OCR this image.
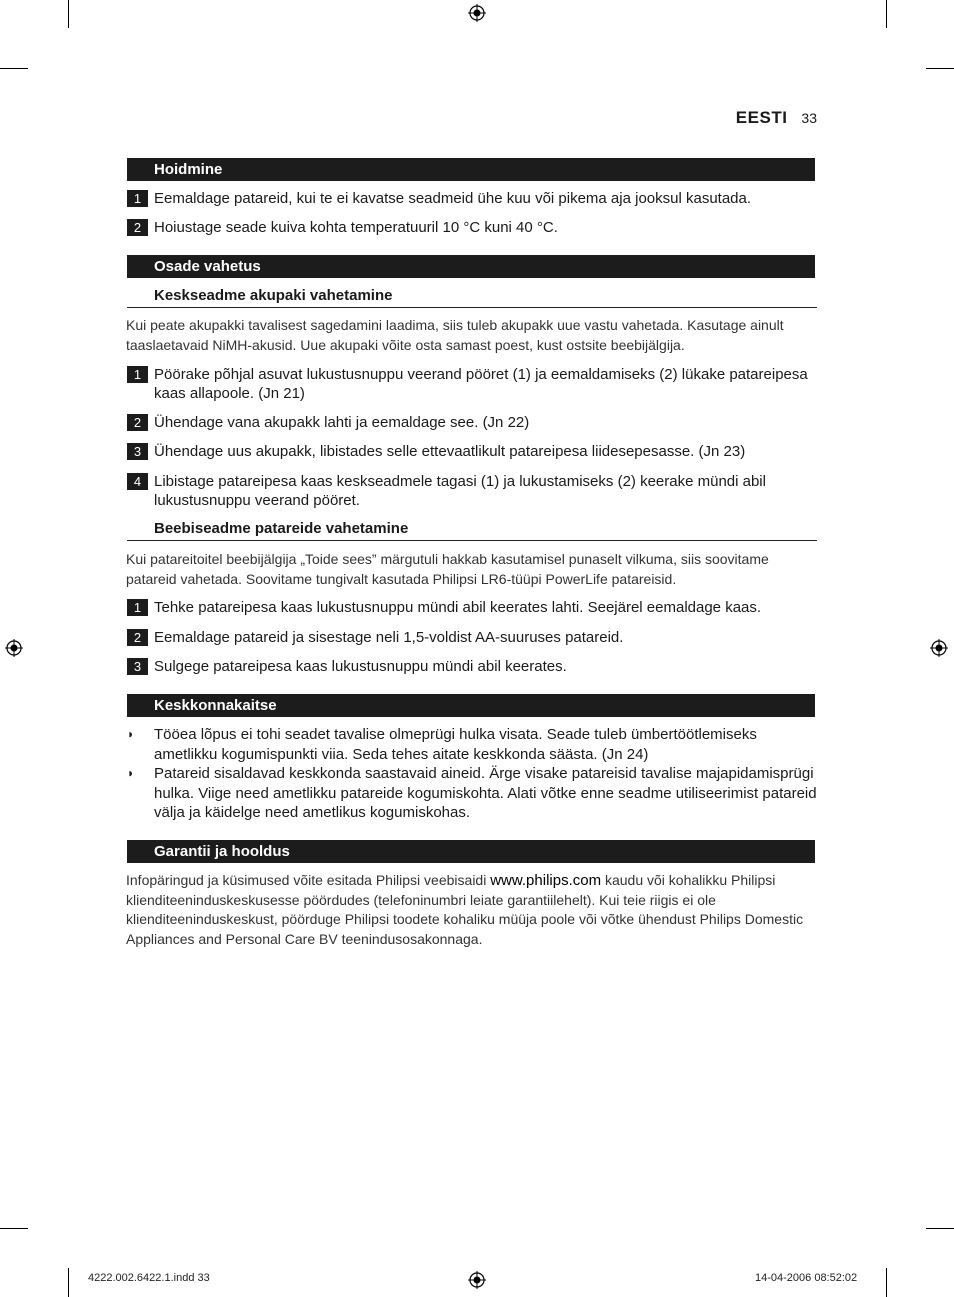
EESTI 33
Hoidmine
1 Eemaldage patareid, kui te ei kavatse seadmeid ühe kuu või pikema aja jooksul kasutada.
2 Hoiustage seade kuiva kohta temperatuuril 10 °C kuni 40 °C.
Osade vahetus
Keskseadme akupaki vahetamine
Kui peate akupakki tavalisest sagedamini laadima, siis tuleb akupakk uue vastu vahetada. Kasutage ainult taaslaetavaid NiMH-akusid. Uue akupaki võite osta samast poest, kust ostsite beebijälgija.
1 Pöörake põhjal asuvat lukustusnuppu veerand pööret (1) ja eemaldamiseks (2) lükake patareipesa kaas allapoole. (Jn 21)
2 Ühendage vana akupakk lahti ja eemaldage see. (Jn 22)
3 Ühendage uus akupakk, libistades selle ettevaatlikult patareipesa liidesepesasse. (Jn 23)
4 Libistage patareipesa kaas keskseadmele tagasi (1) ja lukustamiseks (2) keerake mündi abil lukustusnuppu veerand pööret.
Beebiseadme patareide vahetamine
Kui patareitoitel beebijälgija „Toide sees” märgutuli hakkab kasutamisel punaselt vilkuma, siis soovitame patareid vahetada. Soovitame tungivalt kasutada Philipsi LR6-tüüpi PowerLife patareisid.
1 Tehke patareipesa kaas lukustusnuppu mündi abil keerates lahti. Seejärel eemaldage kaas.
2 Eemaldage patareid ja sisestage neli 1,5-voldist AA-suuruses patareid.
3 Sulgege patareipesa kaas lukustusnuppu mündi abil keerates.
Keskkonnakaitse
◗ Tööea lõpus ei tohi seadet tavalise olmeprügi hulka visata. Seade tuleb ümbertöötlemiseks ametlikku kogumispunkti viia. Seda tehes aitate keskkonda säästa. (Jn 24)
◗ Patareid sisaldavad keskkonda saastavaid aineid. Ärge visake patareisid tavalise majapidamisprügi hulka. Viige need ametlikku patareide kogumiskohta. Alati võtke enne seadme utiliseerimist patareid välja ja käidelge need ametlikus kogumiskohas.
Garantii ja hooldus
Infopäringud ja küsimused võite esitada Philipsi veebisaidi www.philips.com kaudu või kohalikku Philipsi klienditeeninduskeskusesse pöördudes (telefoninumbri leiate garantiilehelt). Kui teie riigis ei ole klienditeeninduskeskust, pöörduge Philipsi toodete kohaliku müüja poole või võtke ühendust Philips Domestic Appliances and Personal Care BV teenindusosakonnaga.
4222.002.6422.1.indd 33	14-04-2006 08:52:02
